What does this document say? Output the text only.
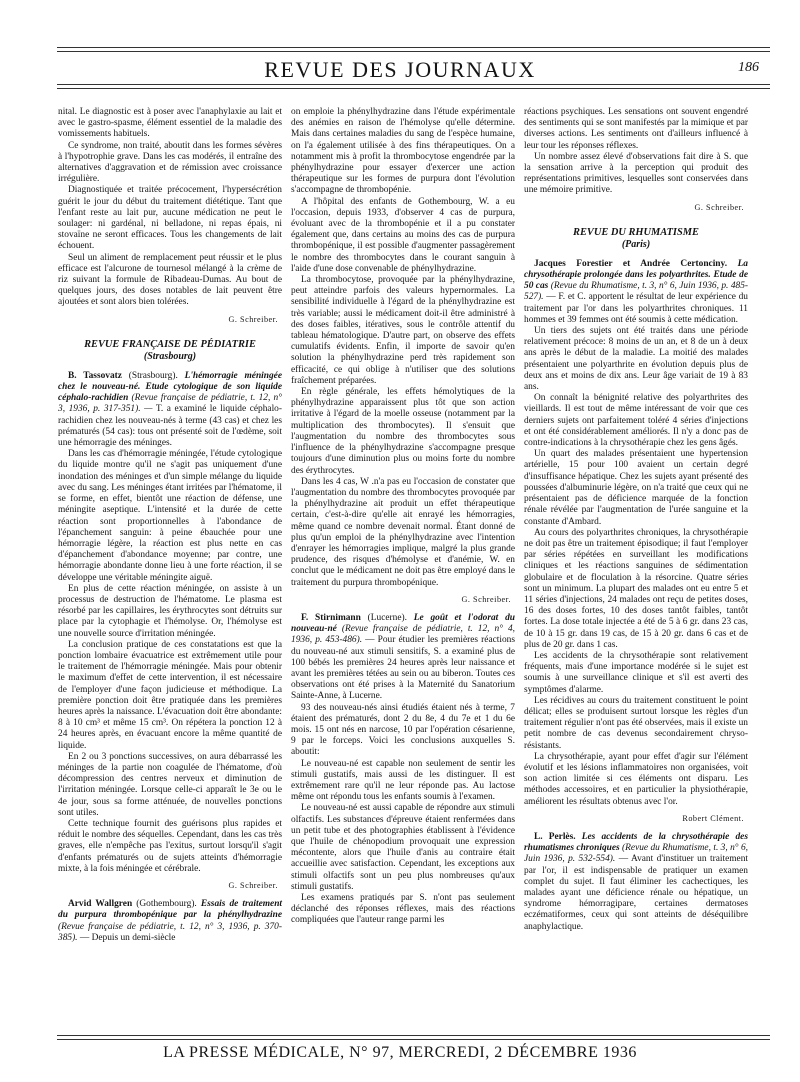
REVUE DES JOURNAUX	186

nital. Le diagnostic est à poser avec l'anaphylaxie au lait et avec le gastro-spasme, élément essentiel de la maladie des vomissements habituels.

Ce syndrome, non traité, aboutit dans les formes sévères à l'hypotrophie grave. Dans les cas modérés, il entraîne des alternatives d'aggravation et de rémission avec croissance irrégulière.

Diagnostiquée et traitée précocement, l'hypersécrétion guérit le jour du début du traitement diététique. Tant que l'enfant reste au lait pur, aucune médication ne peut le soulager: ni gardénal, ni belladone, ni repas épais, ni stovaïne ne seront efficaces. Tous les changements de lait échouent.

Seul un aliment de remplacement peut réussir et le plus efficace est l'alcurone de tournesol mélangé à la crème de riz suivant la formule de Ribadeau-Dumas. Au bout de quelques jours, des doses notables de lait peuvent être ajoutées et sont alors bien tolérées.

G. Schreiber.
REVUE FRANÇAISE DE PÉDIATRIE
(Strasbourg)

B. Tassovatz (Strasbourg). L'hémorragie méningée chez le nouveau-né. Etude cytologique de son liquide céphalo-rachidien (Revue française de pédiatrie, t. 12, n° 3, 1936, p. 317-351). — T. a examiné le liquide céphalo-rachidien chez les nouveau-nés à terme (43 cas) et chez les prématurés (54 cas): tous ont présenté soit de l'œdème, soit une hémorragie des méninges.

Dans les cas d'hémorragie méningée, l'étude cytologique du liquide montre qu'il ne s'agit pas uniquement d'une inondation des méninges et d'un simple mélange du liquide avec du sang. Les méninges étant irritées par l'hématome, il se forme, en effet, bientôt une réaction de défense, une méningite aseptique. L'intensité et la durée de cette réaction sont proportionnelles à l'abondance de l'épanchement sanguin: à peine ébauchée pour une hémorragie légère, la réaction est plus nette en cas d'épanchement d'abondance moyenne; par contre, une hémorragie abondante donne lieu à une forte réaction, il se développe une véritable méningite aiguë.

En plus de cette réaction méningée, on assiste à un processus de destruction de l'hématome. Le plasma est résorbé par les capillaires, les érythrocytes sont détruits sur place par la cytophagie et l'hémolyse. Or, l'hémolyse est une nouvelle source d'irritation méningée.

La conclusion pratique de ces constatations est que la ponction lombaire évacuatrice est extrêmement utile pour le traitement de l'hémorragie méningée. Mais pour obtenir le maximum d'effet de cette intervention, il est nécessaire de l'employer d'une façon judicieuse et méthodique. La première ponction doit être pratiquée dans les premières heures après la naissance. L'évacuation doit être abondante: 8 à 10 cm³ et même 15 cm³. On répétera la ponction 12 à 24 heures après, en évacuant encore la même quantité de liquide.

En 2 ou 3 ponctions successives, on aura débarrassé les méninges de la partie non coagulée de l'hématome, d'où décompression des centres nerveux et diminution de l'irritation méningée. Lorsque celle-ci apparaît le 3e ou le 4e jour, sous sa forme atténuée, de nouvelles ponctions sont utiles.

Cette technique fournit des guérisons plus rapides et réduit le nombre des séquelles. Cependant, dans les cas très graves, elle n'empêche pas l'exitus, surtout lorsqu'il s'agit d'enfants prématurés ou de sujets atteints d'hémorragie mixte, à la fois méningée et cérébrale.

G. Schreiber.

Arvid Wallgren (Gothembourg). Essais de traitement du purpura thrombopénique par la phénylhydrazine (Revue française de pédiatrie, t. 12, n° 3, 1936, p. 370-385). — Depuis un demi-siècle

on emploie la phénylhydrazine dans l'étude expérimentale des anémies en raison de l'hémolyse qu'elle détermine. Mais dans certaines maladies du sang de l'espèce humaine, on l'a également utilisée à des fins thérapeutiques. On a notamment mis à profit la thrombocytose engendrée par la phénylhydrazine pour essayer d'exercer une action thérapeutique sur les formes de purpura dont l'évolution s'accompagne de thrombopénie.

A l'hôpital des enfants de Gothembourg, W. a eu l'occasion, depuis 1933, d'observer 4 cas de purpura, évoluant avec de la thrombopénie et il a pu constater également que, dans certains au moins des cas de purpura thrombopénique, il est possible d'augmenter passagèrement le nombre des thrombocytes dans le courant sanguin à l'aide d'une dose convenable de phénylhydrazine.

La thrombocytose, provoquée par la phénylhydrazine, peut atteindre parfois des valeurs hypernormales. La sensibilité individuelle à l'égard de la phénylhydrazine est très variable; aussi le médicament doit-il être administré à des doses faibles, itératives, sous le contrôle attentif du tableau hématologique. D'autre part, on observe des effets cumulatifs évidents. Enfin, il importe de savoir qu'en solution la phénylhydrazine perd très rapidement son efficacité, ce qui oblige à n'utiliser que des solutions fraîchement préparées.

En règle générale, les effets hémolytiques de la phénylhydrazine apparaissent plus tôt que son action irritative à l'égard de la moelle osseuse (notamment par la multiplication des thrombocytes). Il s'ensuit que l'augmentation du nombre des thrombocytes sous l'influence de la phénylhydrazine s'accompagne presque toujours d'une diminution plus ou moins forte du nombre des érythrocytes.

Dans les 4 cas, W .n'a pas eu l'occasion de constater que l'augmentation du nombre des thrombocytes provoquée par la phénylhydrazine ait produit un effet thérapeutique certain, c'est-à-dire qu'elle ait enrayé les hémorragies, même quand ce nombre devenait normal. Étant donné de plus qu'un emploi de la phénylhydrazine avec l'intention d'enrayer les hémorragies implique, malgré la plus grande prudence, des risques d'hémolyse et d'anémie, W. en conclut que le médicament ne doit pas être employé dans le traitement du purpura thrombopénique.

G. Schreiber.

F. Stirnimann (Lucerne). Le goût et l'odorat du nouveau-né (Revue française de pédiatrie, t. 12, n° 4, 1936, p. 453-486). — Pour étudier les premières réactions du nouveau-né aux stimuli sensitifs, S. a examiné plus de 100 bébés les premières 24 heures après leur naissance et avant les premières tétées au sein ou au biberon. Toutes ces observations ont été prises à la Maternité du Sanatorium Sainte-Anne, à Lucerne.

93 des nouveau-nés ainsi étudiés étaient nés à terme, 7 étaient des prématurés, dont 2 du 8e, 4 du 7e et 1 du 6e mois. 15 ont nés en narcose, 10 par l'opération césarienne, 9 par le forceps. Voici les conclusions auxquelles S. aboutit:

Le nouveau-né est capable non seulement de sentir les stimuli gustatifs, mais aussi de les distinguer. Il est extrêmement rare qu'il ne leur réponde pas. Au lactose même ont répondu tous les enfants soumis à l'examen.

Le nouveau-né est aussi capable de répondre aux stimuli olfactifs. Les substances d'épreuve étaient renfermées dans un petit tube et des photographies établissent à l'évidence que l'huile de chénopodium provoquait une expression mécontente, alors que l'huile d'anis au contraire était accueillie avec satisfaction. Cependant, les exceptions aux stimuli olfactifs sont un peu plus nombreuses qu'aux stimuli gustatifs.

Les examens pratiqués par S. n'ont pas seulement déclanché des réponses réflexes, mais des réactions compliquées que l'auteur range parmi les

réactions psychiques. Les sensations ont souvent engendré des sentiments qui se sont manifestés par la mimique et par diverses actions. Les sentiments ont d'ailleurs influencé à leur tour les réponses réflexes.

Un nombre assez élevé d'observations fait dire à S. que la sensation arrive à la perception qui produit des représentations primitives, lesquelles sont conservées dans une mémoire primitive.

G. Schreiber.
REVUE DU RHUMATISME
(Paris)

Jacques Forestier et Andrée Certonciny. La chrysothérapie prolongée dans les polyarthrites. Etude de 50 cas (Revue du Rhumatisme, t. 3, n° 6, Juin 1936, p. 485-527). — F. et C. apportent le résultat de leur expérience du traitement par l'or dans les polyarthrites chroniques. 11 hommes et 39 femmes ont été soumis à cette médication.

Un tiers des sujets ont été traités dans une période relativement précoce: 8 moins de un an, et 8 de un à deux ans après le début de la maladie. La moitié des malades présentaient une polyarthrite en évolution depuis plus de deux ans et moins de dix ans. Leur âge variait de 19 à 83 ans.

On connaît la bénignité relative des polyarthrites des vieillards. Il est tout de même intéressant de voir que ces derniers sujets ont parfaitement toléré 4 séries d'injections et ont été considérablement améliorés. Il n'y a donc pas de contre-indications à la chrysothérapie chez les gens âgés.

Un quart des malades présentaient une hypertension artérielle, 15 pour 100 avaient un certain degré d'insuffisance hépatique. Chez les sujets ayant présenté des poussées d'albuminurie légère, on n'a traité que ceux qui ne présentaient pas de déficience marquée de la fonction rénale révélée par l'augmentation de l'urée sanguine et la constante d'Ambard.

Au cours des polyarthrites chroniques, la chrysothérapie ne doit pas être un traitement épisodique; il faut l'employer par séries répétées en surveillant les modifications cliniques et les réactions sanguines de sédimentation globulaire et de floculation à la résorcine. Quatre séries sont un minimum. La plupart des malades ont eu entre 5 et 11 séries d'injections, 24 malades ont reçu de petites doses, 16 des doses fortes, 10 des doses tantôt faibles, tantôt fortes. La dose totale injectée a été de 5 à 6 gr. dans 23 cas, de 10 à 15 gr. dans 19 cas, de 15 à 20 gr. dans 6 cas et de plus de 20 gr. dans 1 cas.

Les accidents de la chrysothérapie sont relativement fréquents, mais d'une importance modérée si le sujet est soumis à une surveillance clinique et s'il est averti des symptômes d'alarme.

Les récidives au cours du traitement constituent le point délicat; elles se produisent surtout lorsque les règles d'un traitement régulier n'ont pas été observées, mais il existe un petit nombre de cas devenus secondairement chryso-résistants.

La chrysothérapie, ayant pour effet d'agir sur l'élément évolutif et les lésions inflammatoires non organisées, voit son action limitée si ces éléments ont disparu. Les méthodes accessoires, et en particulier la physiothérapie, améliorent les résultats obtenus avec l'or.

Robert Clément.

L. Perlès. Les accidents de la chrysothérapie des rhumatismes chroniques (Revue du Rhumatisme, t. 3, n° 6, Juin 1936, p. 532-554). — Avant d'instituer un traitement par l'or, il est indispensable de pratiquer un examen complet du sujet. Il faut éliminer les cachectiques, les malades ayant une déficience rénale ou hépatique, un syndrome hémorragipare, certaines dermatoses eczématiformes, ceux qui sont atteints de déséquilibre anaphylactique.

LA PRESSE MÉDICALE, N° 97, MERCREDI, 2 DÉCEMBRE 1936
